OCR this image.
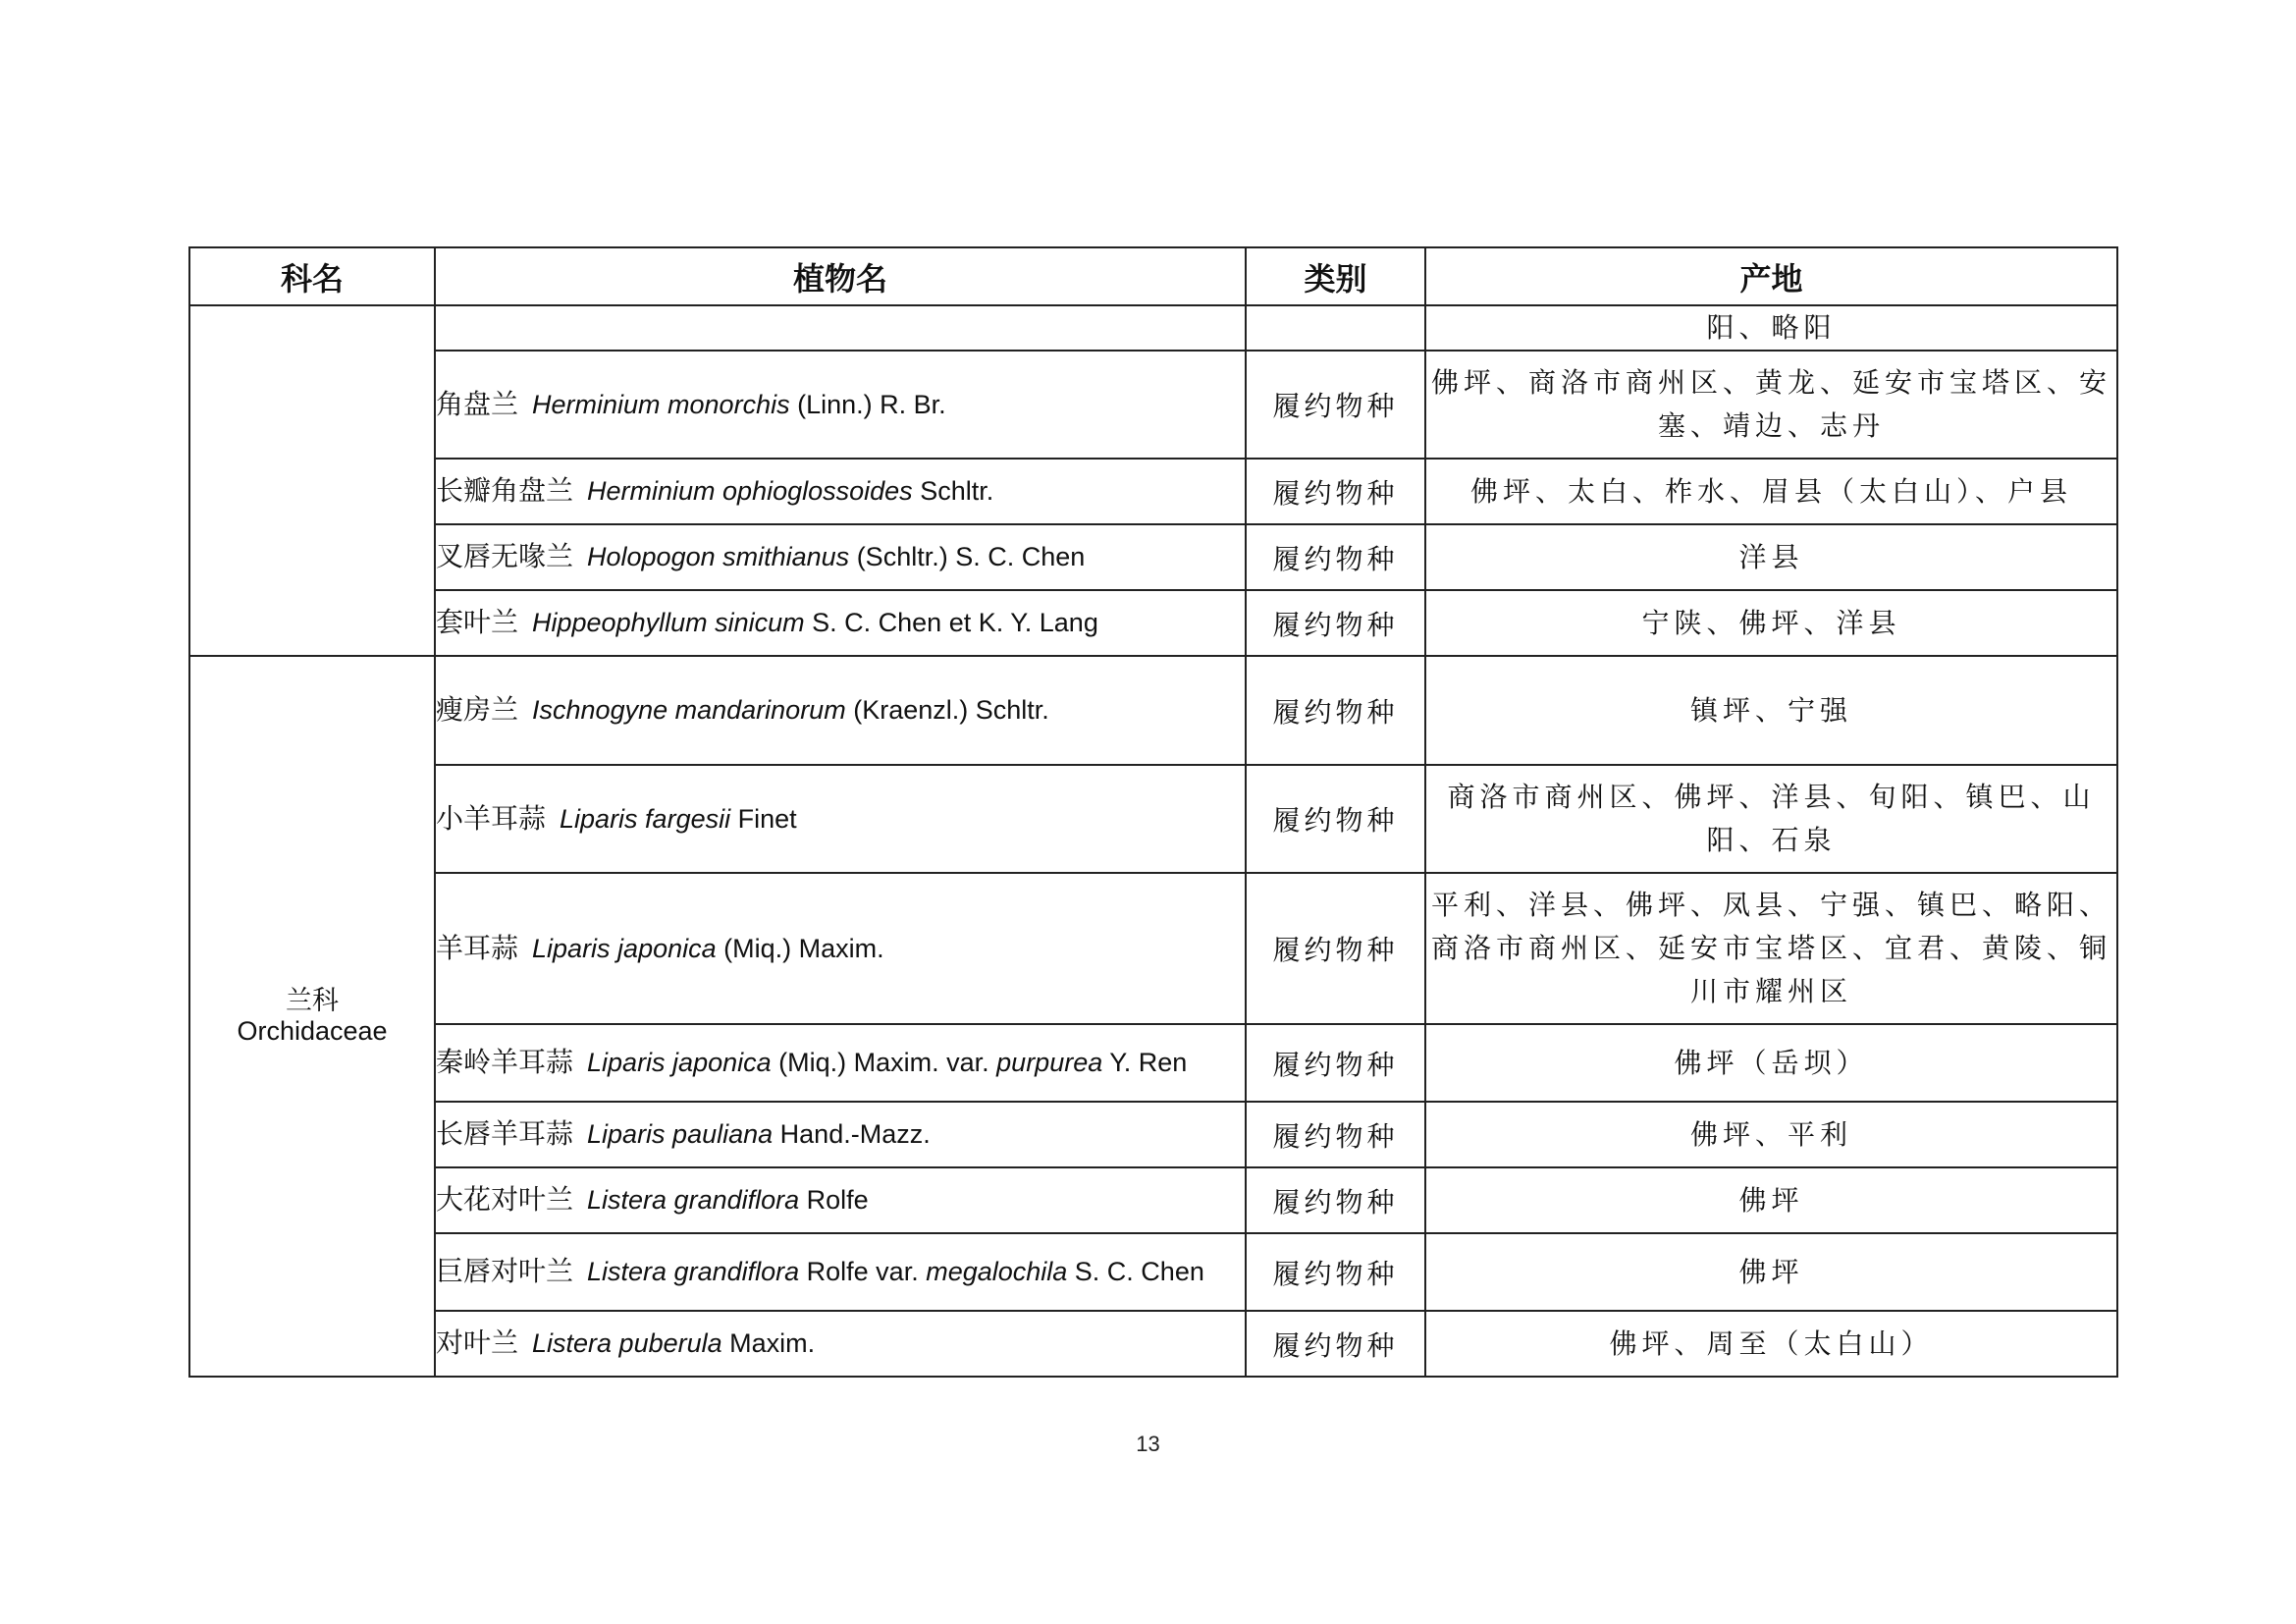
科名	植物名	类别	产地

			阳、略阳
	角盘兰 Herminium monorchis (Linn.) R. Br.	履约物种	佛坪、商洛市商州区、黄龙、延安市宝塔区、安塞、靖边、志丹
	长瓣角盘兰 Herminium ophioglossoides Schltr.	履约物种	佛坪、太白、柞水、眉县（太白山）、户县
	叉唇无喙兰 Holopogon smithianus (Schltr.) S. C. Chen	履约物种	洋县
	套叶兰 Hippeophyllum sinicum S. C. Chen et K. Y. Lang	履约物种	宁陕、佛坪、洋县

兰科
Orchidaceae	瘦房兰 Ischnogyne mandarinorum (Kraenzl.) Schltr.	履约物种	镇坪、宁强
	小羊耳蒜 Liparis fargesii Finet	履约物种	商洛市商州区、佛坪、洋县、旬阳、镇巴、山阳、石泉
	羊耳蒜 Liparis japonica (Miq.) Maxim.	履约物种	平利、洋县、佛坪、凤县、宁强、镇巴、略阳、商洛市商州区、延安市宝塔区、宜君、黄陵、铜川市耀州区
	秦岭羊耳蒜 Liparis japonica (Miq.) Maxim. var. purpurea Y. Ren	履约物种	佛坪（岳坝）
	长唇羊耳蒜 Liparis pauliana Hand.-Mazz.	履约物种	佛坪、平利
	大花对叶兰 Listera grandiflora Rolfe	履约物种	佛坪
	巨唇对叶兰 Listera grandiflora Rolfe var. megalochila S. C. Chen	履约物种	佛坪
	对叶兰 Listera puberula Maxim.	履约物种	佛坪、周至（太白山）
13
